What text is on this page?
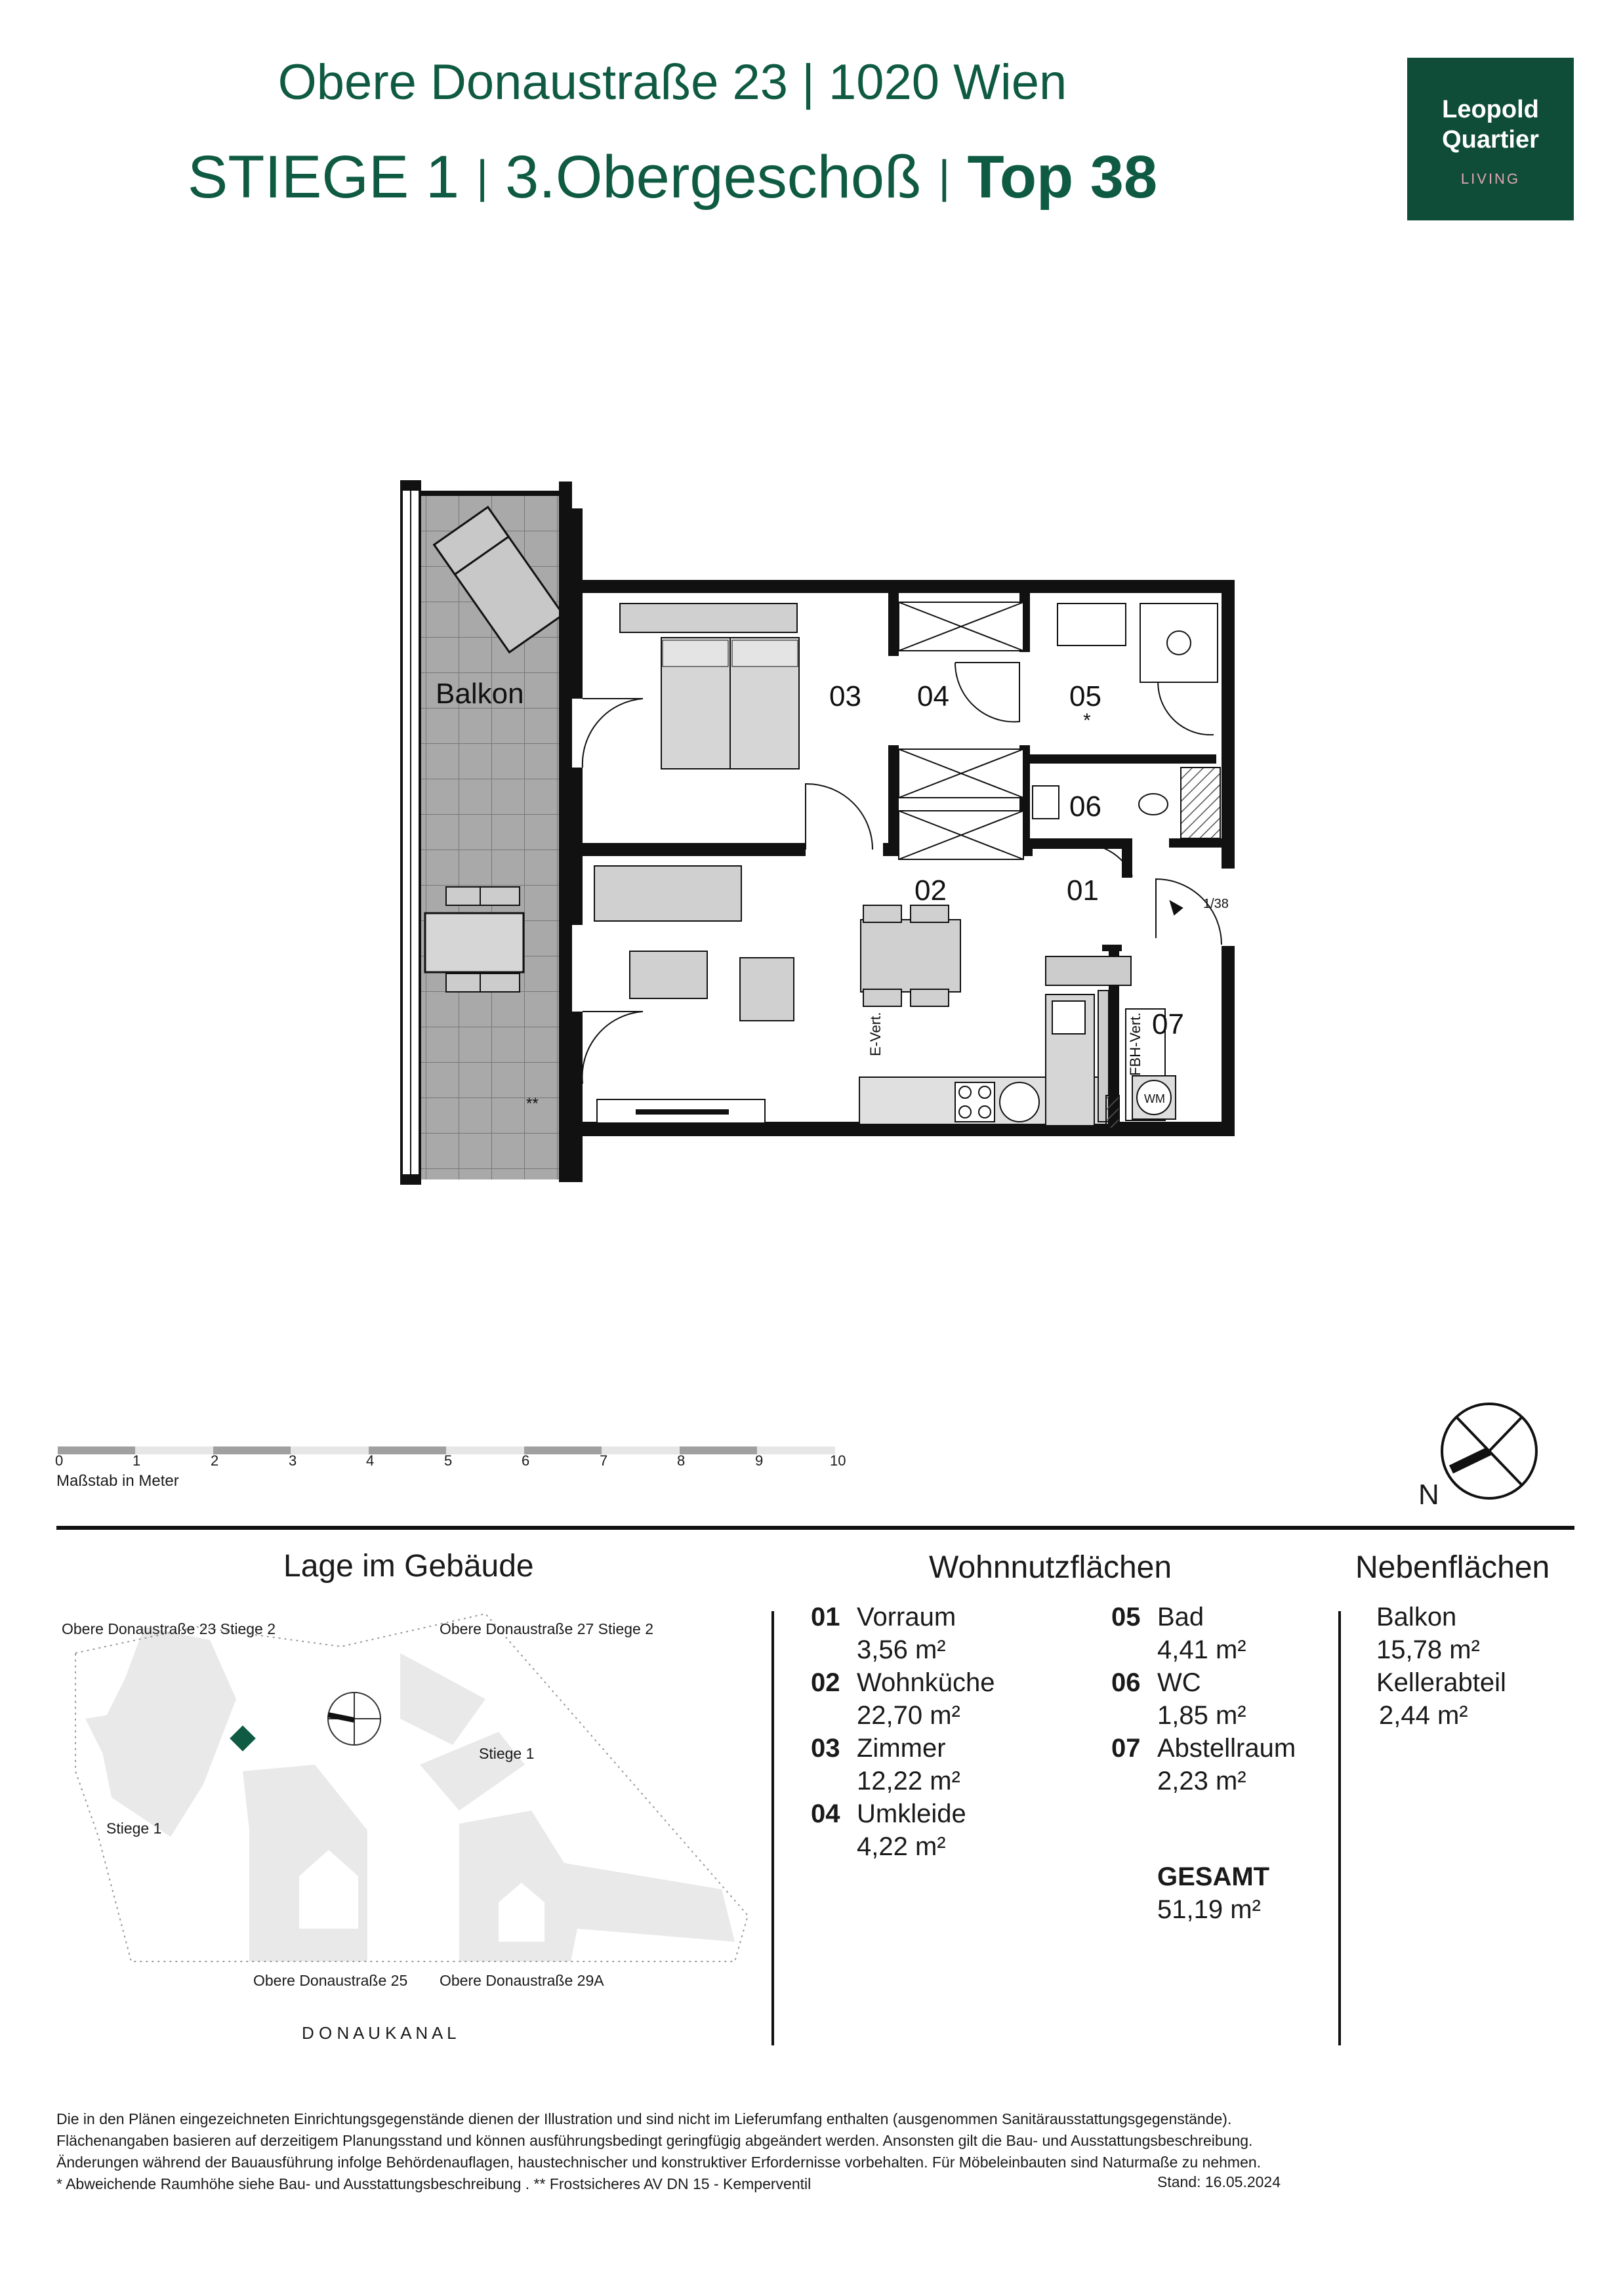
Obere Donaustraße 23 | 1020 Wien
STIEGE 1 | 3.Obergeschoß | Top 38
Leopold
Quartier
LIVING
Balkon	03 04	05
*
06
02	01
07
1/38
E-Vert.	FBH-Vert.
WM
**
0	1	2	3	4	5	6	7	8	9	10
Maßstab in Meter	N
Lage im Gebäude
Obere Donaustraße 23 Stiege 2	Obere Donaustraße 27 Stiege 2
Stiege 1
Stiege 1
Obere Donaustraße 25 Obere Donaustraße 29A
D O N A U K A N A L
Wohnnutzflächen
01 Vorraum
3,56 m²
02 Wohnküche
22,70 m²
03 Zimmer
12,22 m²
04 Umkleide
4,22 m²
05 Bad
4,41 m²
06 WC
1,85 m²
07 Abstellraum
2,23 m²
GESAMT
51,19 m²
Nebenflächen
Balkon
15,78 m²
Kellerabteil
2,44 m²
Die in den Plänen eingezeichneten Einrichtungsgegenstände dienen der Illustration und sind nicht im Lieferumfang enthalten (ausgenommen Sanitärausstattungsgegenstände).
Flächenangaben basieren auf derzeitigem Planungsstand und können ausführungsbedingt geringfügig abgeändert werden. Ansonsten gilt die Bau- und Ausstattungsbeschreibung.
Änderungen während der Bauausführung infolge Behördenauflagen, haustechnischer und konstruktiver Erfordernisse vorbehalten. Für Möbeleinbauten sind Naturmaße zu nehmen.
* Abweichende Raumhöhe siehe Bau- und Ausstattungsbeschreibung . ** Frostsicheres AV DN 15 - Kemperventil	Stand: 16.05.2024
